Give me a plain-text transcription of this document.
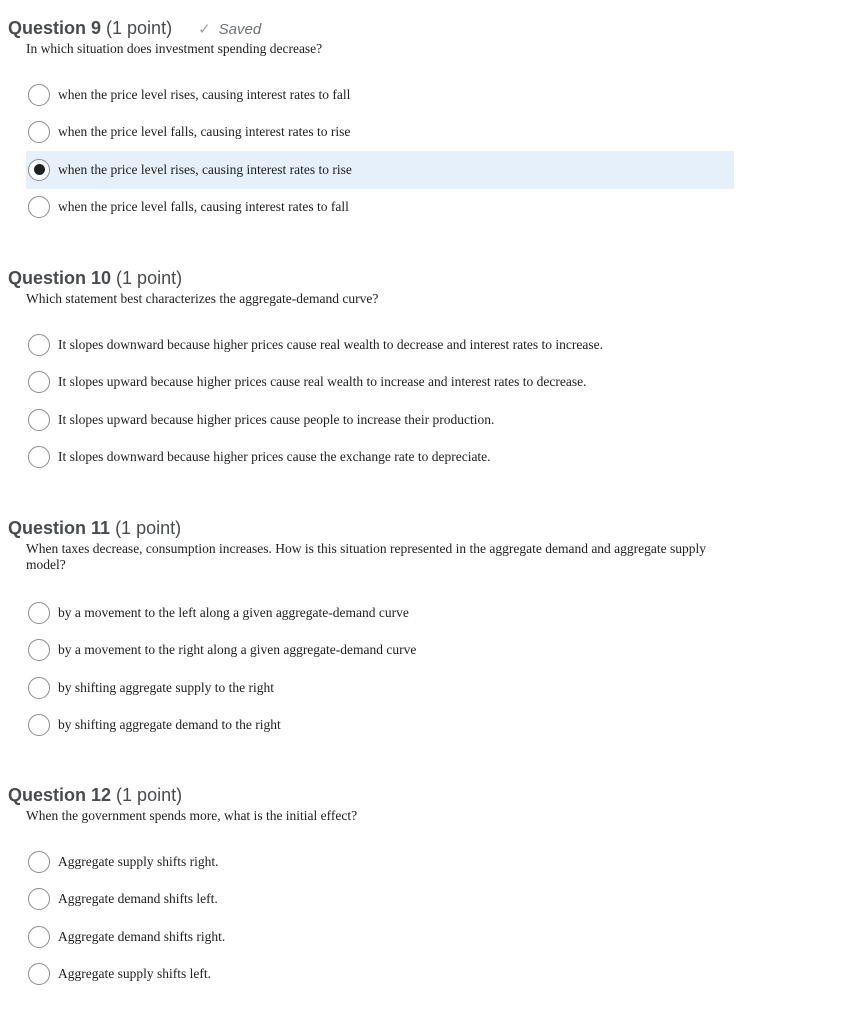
Question 9 (1 point) ✓ Saved
In which situation does investment spending decrease?
when the price level rises, causing interest rates to fall
when the price level falls, causing interest rates to rise
when the price level rises, causing interest rates to rise
when the price level falls, causing interest rates to fall
Question 10 (1 point)
Which statement best characterizes the aggregate-demand curve?
It slopes downward because higher prices cause real wealth to decrease and interest rates to increase.
It slopes upward because higher prices cause real wealth to increase and interest rates to decrease.
It slopes upward because higher prices cause people to increase their production.
It slopes downward because higher prices cause the exchange rate to depreciate.
Question 11 (1 point)
When taxes decrease, consumption increases. How is this situation represented in the aggregate demand and aggregate supply model?
by a movement to the left along a given aggregate-demand curve
by a movement to the right along a given aggregate-demand curve
by shifting aggregate supply to the right
by shifting aggregate demand to the right
Question 12 (1 point)
When the government spends more, what is the initial effect?
Aggregate supply shifts right.
Aggregate demand shifts left.
Aggregate demand shifts right.
Aggregate supply shifts left.
